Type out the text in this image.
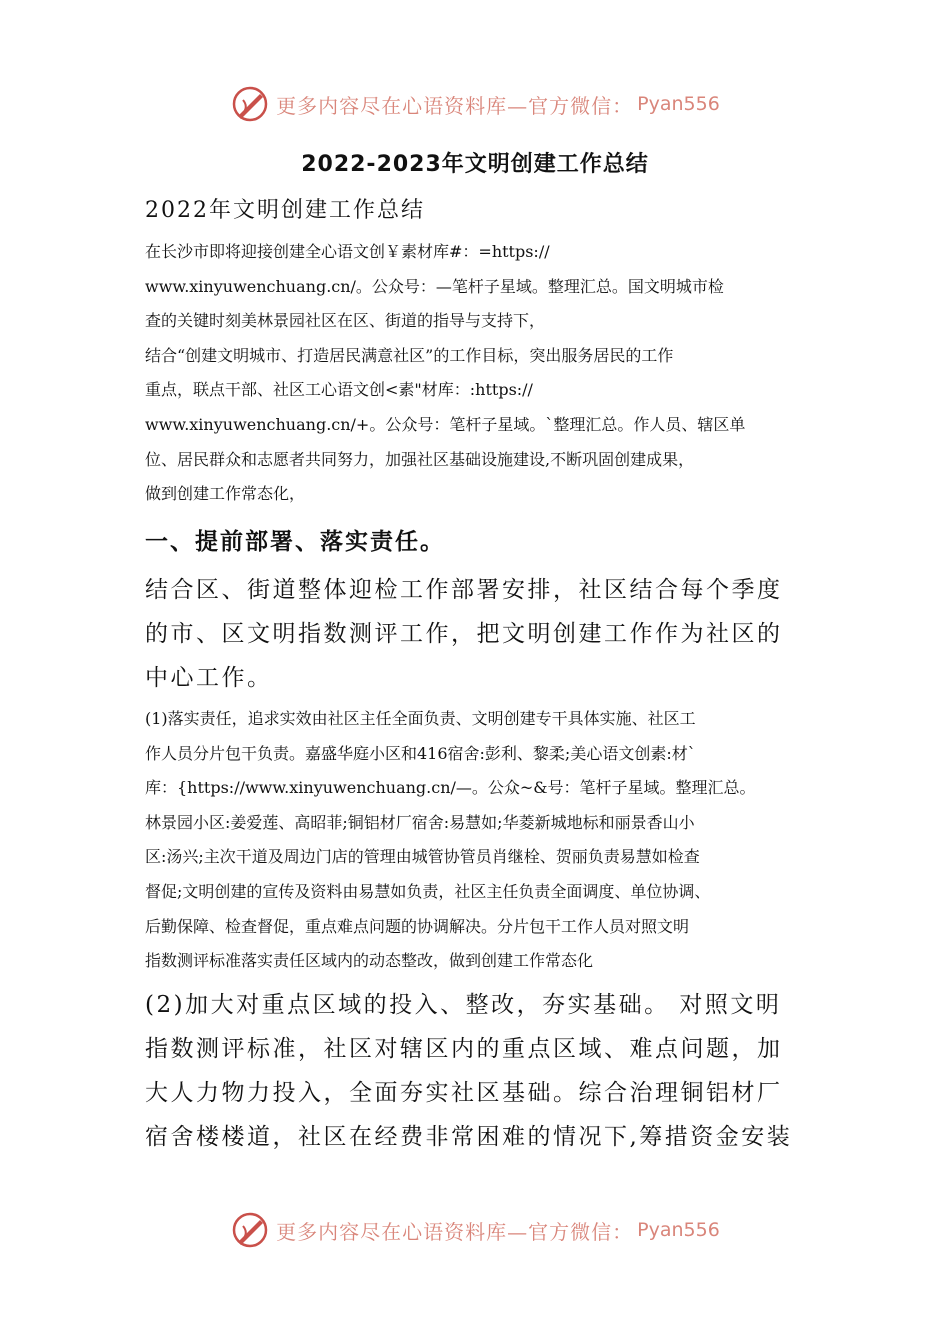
更多内容尽在心语资料库—官方微信： Pyan556
2022-2023年文明创建工作总结
2022年文明创建工作总结
在长沙市即将迎接创建全心语文创￥素材库#：=https://
www.xinyuwenchuang.cn/。公众号：—笔杆子星域。整理汇总。国文明城市检
查的关键时刻美林景园社区在区、街道的指导与支持下，
结合“创建文明城市、打造居民满意社区”的工作目标，突出服务居民的工作
重点，联点干部、社区工心语文创<素"材库：:https://
www.xinyuwenchuang.cn/+。公众号：笔杆子星域。`整理汇总。作人员、辖区单
位、居民群众和志愿者共同努力，加强社区基础设施建设,不断巩固创建成果，
做到创建工作常态化，
一、提前部署、落实责任。
结合区、街道整体迎检工作部署安排，社区结合每个季度
的市、区文明指数测评工作，把文明创建工作作为社区的
中心工作。
(1)落实责任，追求实效由社区主任全面负责、文明创建专干具体实施、社区工
作人员分片包干负责。嘉盛华庭小区和416宿舍:彭利、黎柔;美心语文创素:材`
库：{https://www.xinyuwenchuang.cn/—。公众~&号：笔杆子星域。整理汇总。
林景园小区:姜爱莲、高昭菲;铜铝材厂宿舍:易慧如;华菱新城地标和丽景香山小
区:汤兴;主次干道及周边门店的管理由城管协管员肖继栓、贺丽负责易慧如检查
督促;文明创建的宣传及资料由易慧如负责，社区主任负责全面调度、单位协调、
后勤保障、检查督促，重点难点问题的协调解决。分片包干工作人员对照文明
指数测评标准落实责任区域内的动态整改，做到创建工作常态化
(2)加大对重点区域的投入、整改，夯实基础。 对照文明
指数测评标准，社区对辖区内的重点区域、难点问题，加
大人力物力投入，全面夯实社区基础。综合治理铜铝材厂
宿舍楼楼道，社区在经费非常困难的情况下,筹措资金安装
更多内容尽在心语资料库—官方微信： Pyan556
